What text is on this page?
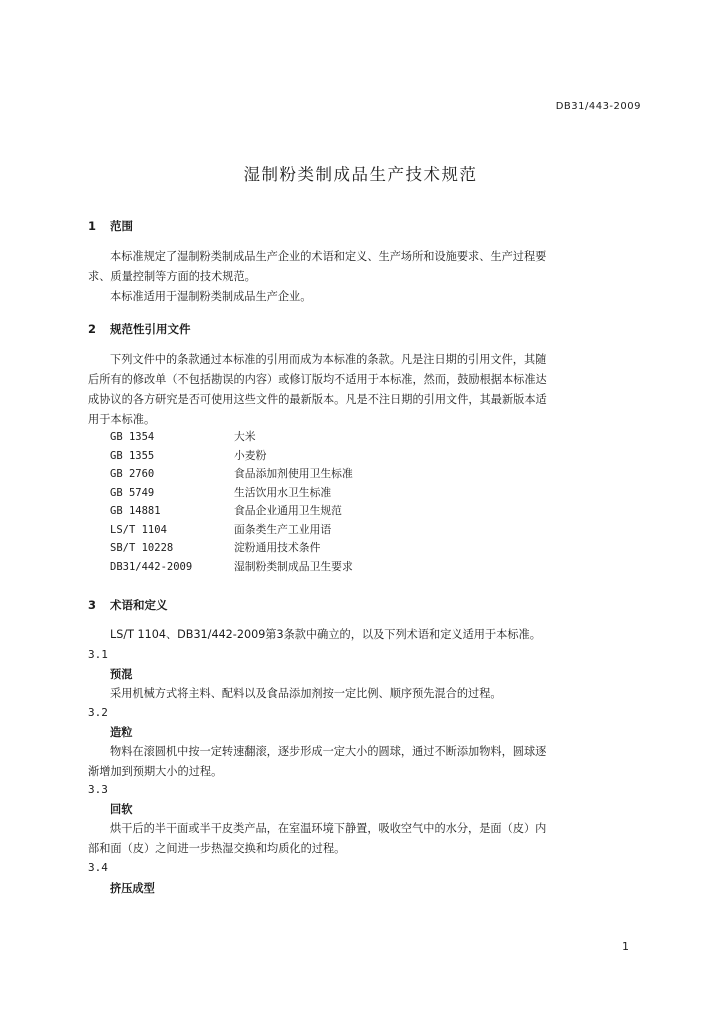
DB31/443-2009
湿制粉类制成品生产技术规范
1 范围
本标准规定了湿制粉类制成品生产企业的术语和定义、生产场所和设施要求、生产过程要
求、质量控制等方面的技术规范。
本标准适用于湿制粉类制成品生产企业。
2 规范性引用文件
下列文件中的条款通过本标准的引用而成为本标准的条款。凡是注日期的引用文件，其随
后所有的修改单（不包括勘误的内容）或修订版均不适用于本标准，然而，鼓励根据本标准达
成协议的各方研究是否可使用这些文件的最新版本。凡是不注日期的引用文件，其最新版本适
用于本标准。
GB 1354	大米
GB 1355	小麦粉
GB 2760	食品添加剂使用卫生标准
GB 5749	生活饮用水卫生标准
GB 14881	食品企业通用卫生规范
LS/T 1104	面条类生产工业用语
SB/T 10228	淀粉通用技术条件
DB31/442-2009	湿制粉类制成品卫生要求
3 术语和定义
LS/T 1104、DB31/442-2009第3条款中确立的，以及下列术语和定义适用于本标准。
3.1
预混
采用机械方式将主料、配料以及食品添加剂按一定比例、顺序预先混合的过程。
3.2
造粒
物料在滚圆机中按一定转速翻滚，逐步形成一定大小的圆球，通过不断添加物料，圆球逐
渐增加到预期大小的过程。
3.3
回软
烘干后的半干面或半干皮类产品，在室温环境下静置，吸收空气中的水分，是面（皮）内
部和面（皮）之间进一步热湿交换和均质化的过程。
3.4
挤压成型
1
